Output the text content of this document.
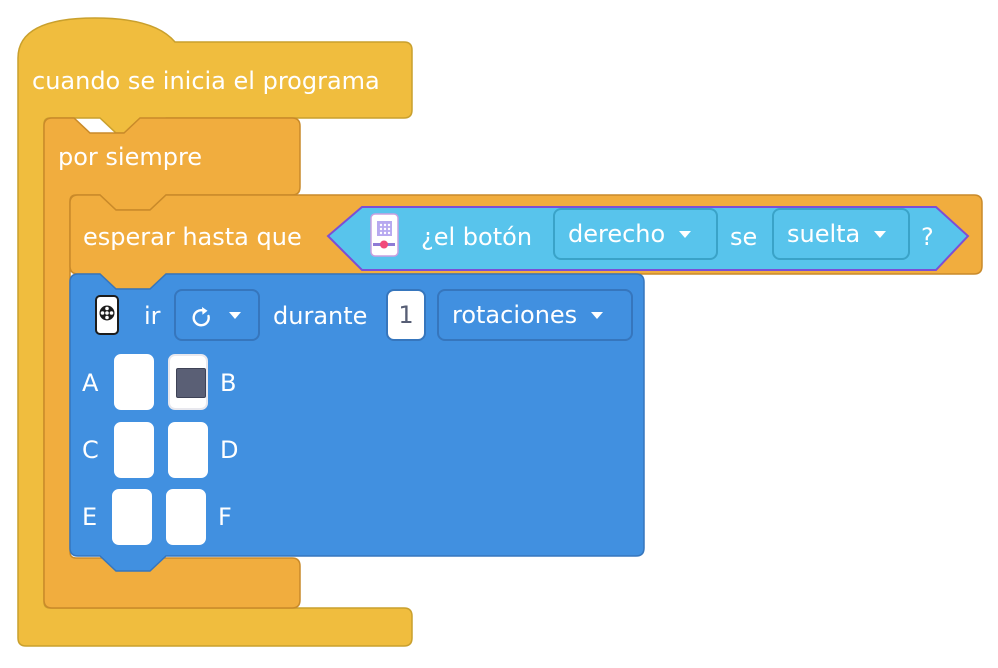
cuando se inicia el programa
por siempre
esperar hasta que	¿el botón derecho	se suelta	?
ir	durante	1	rotaciones
A	B
C	D
E	F
